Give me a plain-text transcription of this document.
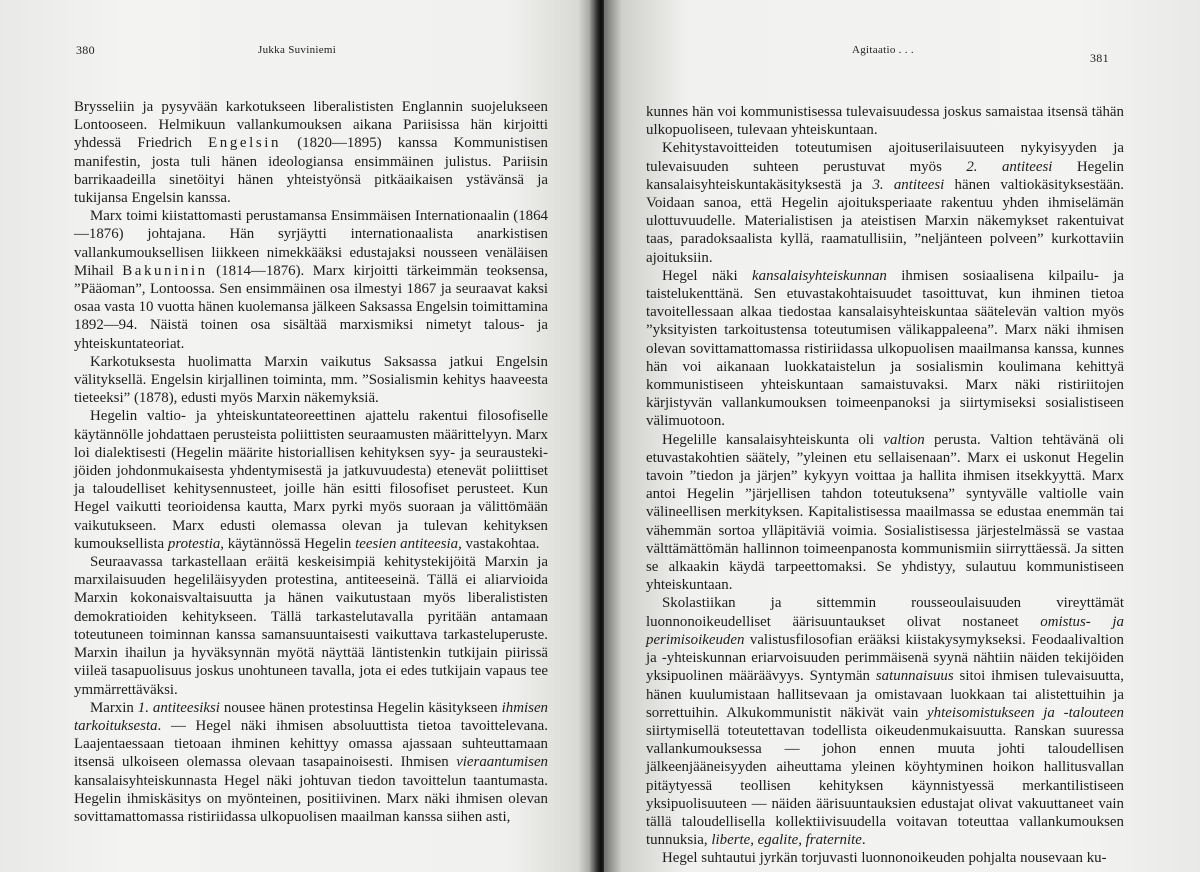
380	Jukka Suviniemi

Brysseliin ja pysyvään karkotukseen liberalististen Englannin suojelukseen Lontooseen. Helmikuun vallankumouksen aikana Pariisissa hän kirjoitti yhdessä Friedrich Engelsin (1820—1895) kanssa Kommunistisen manifestin, josta tuli hänen ideologiansa ensimmäinen julistus. Pariisin barrikaadeilla sinetöityi hänen yhteistyönsä pitkäaikaisen ystävänsä ja tukijansa Engelsin kanssa.

Marx toimi kiistattomasti perustamansa Ensimmäisen Internationaalin (1864—1876) johtajana. Hän syrjäytti internationaalista anarkistisen vallankumouksellisen liikkeen nimekkääksi edustajaksi nousseen venäläisen Mihail Bakuninin (1814—1876). Marx kirjoitti tärkeimmän teoksensa, ”Pääoman”, Lontoossa. Sen ensimmäinen osa ilmestyi 1867 ja seuraavat kaksi osaa vasta 10 vuotta hänen kuolemansa jälkeen Saksassa Engelsin toimittamina 1892—94. Näistä toinen osa sisältää marxismiksi nimetyt talous- ja yhteiskuntateoriat.

Karkotuksesta huolimatta Marxin vaikutus Saksassa jatkui Engelsin välityksellä. Engelsin kirjallinen toiminta, mm. ”Sosialismin kehitys haaveesta tieteeksi” (1878), edusti myös Marxin näkemyksiä.

Hegelin valtio- ja yhteiskuntateoreettinen ajattelu rakentui filosofiselle käytännölle johdattaen perusteista poliittisten seuraamusten määrittelyyn. Marx loi dialektisesti (Hegelin määrite historiallisen kehityksen syy- ja seuraustekijöiden johdonmukaisesta yhdentymisestä ja jatkuvuudesta) etenevät poliittiset ja taloudelliset kehitysennusteet, joille hän esitti filosofiset perusteet. Kun Hegel vaikutti teorioidensa kautta, Marx pyrki myös suoraan ja välittömään vaikutukseen. Marx edusti olemassa olevan ja tulevan kehityksen kumouksellista protestia, käytännössä Hegelin teesien antiteesia, vastakohtaa.

Seuraavassa tarkastellaan eräitä keskeisimpiä kehitystekijöitä Marxin ja marxilaisuuden hegeliläisyyden protestina, antiteeseinä. Tällä ei aliarvioida Marxin kokonaisvaltaisuutta ja hänen vaikutustaan myös liberalististen demokratioiden kehitykseen. Tällä tarkastelutavalla pyritään antamaan toteutuneen toiminnan kanssa samansuuntaisesti vaikuttava tarkasteluperuste. Marxin ihailun ja hyväksynnän myötä näyttää läntistenkin tutkijain piirissä viileä tasapuolisuus joskus unohtuneen tavalla, jota ei edes tutkijain vapaus tee ymmärrettäväksi.

Marxin 1. antiteesiksi nousee hänen protestinsa Hegelin käsitykseen ihmisen tarkoituksesta. — Hegel näki ihmisen absoluuttista tietoa tavoittelevana. Laajentaessaan tietoaan ihminen kehittyy omassa ajassaan suhteuttamaan itsensä ulkoiseen olemassa olevaan tasapainoisesti. Ihmisen vieraantumisen kansalaisyhteiskunnasta Hegel näki johtuvan tiedon tavoittelun taantumasta. Hegelin ihmiskäsitys on myönteinen, positiivinen. Marx näki ihmisen olevan sovittamattomassa ristiriidassa ulkopuolisen maailman kanssa siihen asti,

Agitaatio . . .
381

kunnes hän voi kommunistisessa tulevaisuudessa joskus samaistaa itsensä tähän ulkopuoliseen, tulevaan yhteiskuntaan.

Kehitystavoitteiden toteutumisen ajoituserilaisuuteen nykyisyyden ja tulevaisuuden suhteen perustuvat myös 2. antiteesi Hegelin kansalaisyhteiskuntakäsityksestä ja 3. antiteesi hänen valtiokäsityksestään. Voidaan sanoa, että Hegelin ajoituksperiaate rakentuu yhden ihmiselämän ulottuvuudelle. Materialistisen ja ateistisen Marxin näkemykset rakentuivat taas, paradoksaalista kyllä, raamatullisiin, ”neljänteen polveen” kurkottaviin ajoituksiin.

Hegel näki kansalaisyhteiskunnan ihmisen sosiaalisena kilpailu- ja taistelukenttänä. Sen etuvastakohtaisuudet tasoittuvat, kun ihminen tietoa tavoitellessaan alkaa tiedostaa kansalaisyhteiskuntaa säätelevän valtion myös ”yksityisten tarkoitustensa toteutumisen välikappaleena”. Marx näki ihmisen olevan sovittamattomassa ristiriidassa ulkopuolisen maailmansa kanssa, kunnes hän voi aikanaan luokkataistelun ja sosialismin koulimana kehittyä kommunistiseen yhteiskuntaan samaistuvaksi. Marx näki ristiriitojen kärjistyvän vallankumouksen toimeenpanoksi ja siirtymiseksi sosialistiseen välimuotoon.

Hegelille kansalaisyhteiskunta oli valtion perusta. Valtion tehtävänä oli etuvastakohtien säätely, ”yleinen etu sellaisenaan”. Marx ei uskonut Hegelin tavoin ”tiedon ja järjen” kykyyn voittaa ja hallita ihmisen itsekkyyttä. Marx antoi Hegelin ”järjellisen tahdon toteutuksena” syntyvälle valtiolle vain välineellisen merkityksen. Kapitalistisessa maailmassa se edustaa enemmän tai vähemmän sortoa ylläpitäviä voimia. Sosialistisessa järjestelmässä se vastaa välttämättömän hallinnon toimeenpanosta kommunismiin siirryttäessä. Ja sitten se alkaakin käydä tarpeettomaksi. Se yhdistyy, sulautuu kommunistiseen yhteiskuntaan.

Skolastiikan ja sittemmin rousseoulaisuuden vireyttämät luonnonoikeudelliset äärisuuntaukset olivat nostaneet omistus- ja perimisoikeuden valistusfilosofian erääksi kiistakysymykseksi. Feodaalivaltion ja -yhteiskunnan eriarvoisuuden perimmäisenä syynä nähtiin näiden tekijöiden yksipuolinen määräävyys. Syntymän satunnaisuus sitoi ihmisen tulevaisuutta, hänen kuulumistaan hallitsevaan ja omistavaan luokkaan tai alistettuihin ja sorrettuihin. Alkukommunistit näkivät vain yhteisomistukseen ja -talouteen siirtymisellä toteutettavan todellista oikeudenmukaisuutta. Ranskan suuressa vallankumouksessa — johon ennen muuta johti taloudellisen jälkeenjääneisyyden aiheuttama yleinen köyhtyminen hoikon hallitusvallan pitäytyessä teollisen kehityksen käynnistyessä merkantilistiseen yksipuolisuuteen — näiden äärisuuntauksien edustajat olivat vakuuttaneet vain tällä taloudellisella kollektiivisuudella voitavan toteuttaa vallankumouksen tunnuksia, liberte, egalite, fraternite.

Hegel suhtautui jyrkän torjuvasti luonnonoikeuden pohjalta nousevaan ku-
